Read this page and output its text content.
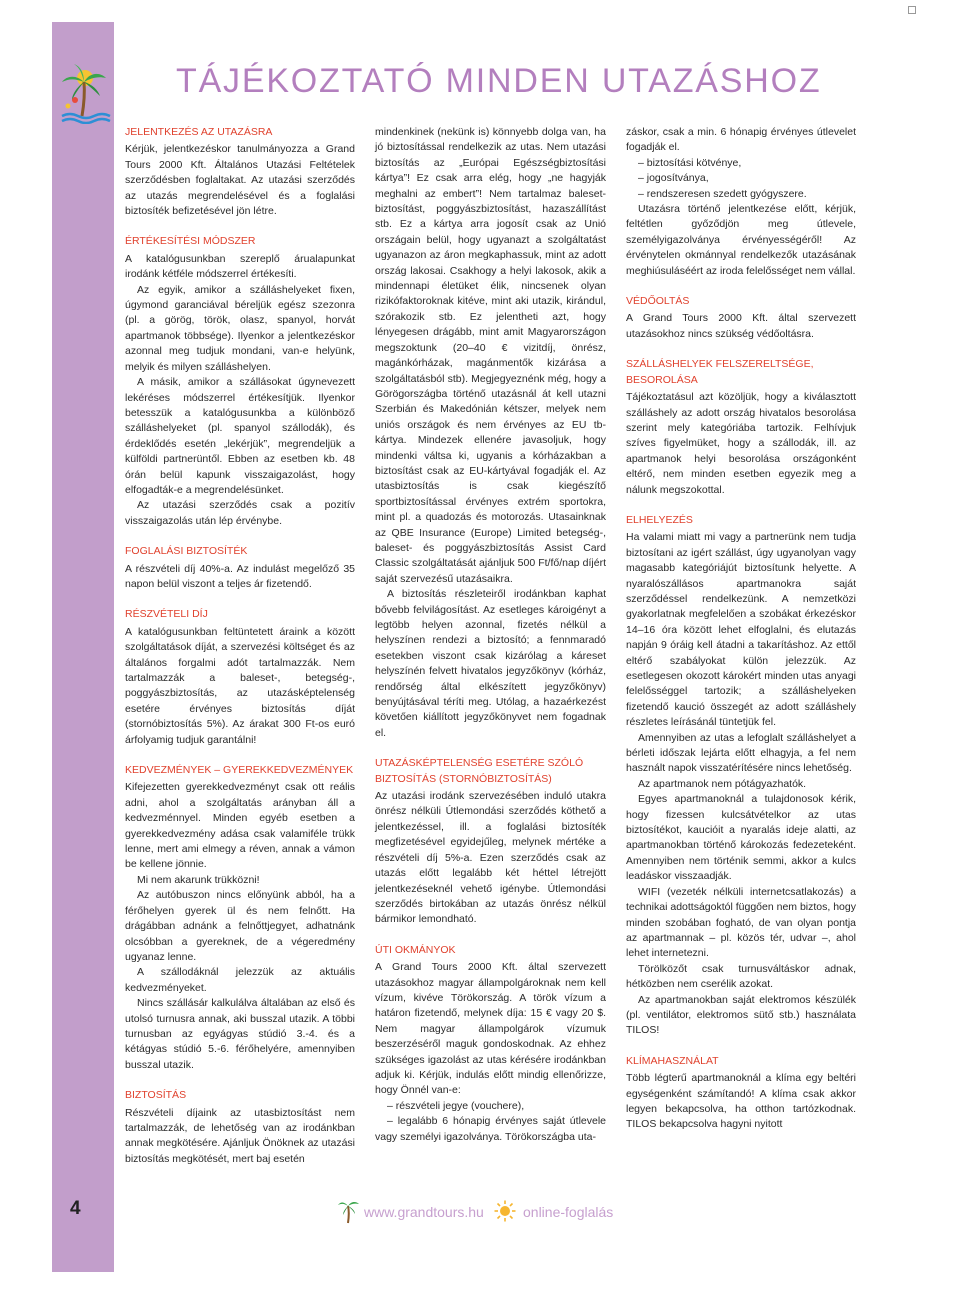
TÁJÉKOZTATÓ MINDEN UTAZÁSHOZ
JELENTKEZÉS AZ UTAZÁSRA

Kérjük, jelentkezéskor tanulmányozza a Grand Tours 2000 Kft. Általános Utazási Feltételek szerződésben foglaltakat. Az utazási szerződés az utazás megrendelésével és a foglalási biztosíték befizetésével jön létre.

ÉRTÉKESÍTÉSI MÓDSZER

A katalógusunkban szereplő árualapunkat irodánk kétféle módszerrel értékesíti.

Az egyik, amikor a szálláshelyeket fixen, úgymond garanciával béreljük egész szezonra (pl. a görög, török, olasz, spanyol, horvát apartmanok többsége). Ilyenkor a jelentkezéskor azonnal meg tudjuk mondani, van-e helyünk, melyik és milyen szálláshelyen.

A másik, amikor a szállásokat úgynevezett lekéréses módszerrel értékesítjük. Ilyenkor betesszük a katalógusunkba a különböző szálláshelyeket (pl. spanyol szállodák), és érdeklődés esetén „lekérjük”, megrendeljük a külföldi partnerüntől. Ebben az esetben kb. 48 órán belül kapunk visszaigazolást, hogy elfogadták-e a megrendelésünket.

Az utazási szerződés csak a pozitív visszaigazolás után lép érvénybe.

FOGLALÁSI BIZTOSÍTÉK

A részvételi díj 40%-a. Az indulást megelőző 35 napon belül viszont a teljes ár fizetendő.

RÉSZVÉTELI DÍJ

A katalógusunkban feltüntetett áraink a között szolgáltatások díját, a szervezési költséget és az általános forgalmi adót tartalmazzák. Nem tartalmazzák a baleset-, betegség-, poggyászbiztosítás, az utazásképtelenség esetére érvényes biztosítás díját (stornóbiztosítás 5%). Az árakat 300 Ft-os euró árfolyamig tudjuk garantálni!

KEDVEZMÉNYEK – GYEREKKEDVEZMÉNYEK

Kifejezetten gyerekkedvezményt csak ott reális adni, ahol a szolgáltatás arányban áll a kedvezménnyel. Minden egyéb esetben a gyerekkedvezmény adása csak valamiféle trükk lenne, mert ami elmegy a réven, annak a vámon be kellene jönnie.

Mi nem akarunk trükközni!

Az autóbuszon nincs előnyünk abból, ha a férőhelyen gyerek ül és nem felnőtt. Ha drágábban adnánk a felnőttjegyet, adhatnánk olcsóbban a gyereknek, de a végeredmény ugyanaz lenne.

A szállodáknál jelezzük az aktuális kedvezményeket.

Nincs szállásár kalkulálva általában az első és utolsó turnusra annak, aki busszal utazik. A többi turnusban az egyágyas stúdió 3.-4. és a kétágyas stúdió 5.-6. férőhelyére, amennyiben busszal utazik.

BIZTOSÍTÁS

Részvételi díjaink az utasbiztosítást nem tartalmazzák, de lehetőség van az irodánkban annak megkötésére. Ajánljuk Önöknek az utazási biztosítás megkötését, mert baj esetén

mindenkinek (nekünk is) könnyebb dolga van, ha jó biztosítással rendelkezik az utas. Nem utazási biztosítás az „Európai Egészségbiztosítási kártya”! Ez csak arra elég, hogy „ne hagyják meghalni az embert”! Nem tartalmaz baleset-biztosítást, poggyászbiztosítást, hazaszállítást stb. Ez a kártya arra jogosít csak az Unió országain belül, hogy ugyanazt a szolgáltatást ugyanazon az áron megkaphassuk, mint az adott ország lakosai. Csakhogy a helyi lakosok, akik a mindennapi életüket élik, nincsenek olyan rizikófaktoroknak kitéve, mint aki utazik, kirándul, szórakozik stb. Ez jelentheti azt, hogy lényegesen drágább, mint amit Magyarországon megszoktunk (20–40 € vizitdíj, önrész, magánkórházak, magánmentők kizárása a szolgáltatásból stb). Megjegyeznénk még, hogy a Görögországba történő utazásnál át kell utazni Szerbián és Makedónián kétszer, melyek nem uniós országok és nem érvényes az EU tb-kártya. Mindezek ellenére javasoljuk, hogy mindenki váltsa ki, ugyanis a kórházakban a biztosítást csak az EU-kártyával fogadják el. Az utasbiztosítás is csak kiegészítő sportbiztosítással érvényes extrém sportokra, mint pl. a quadozás és motorozás. Utasainknak az QBE Insurance (Europe) Limited betegség-, baleset- és poggyászbiztosítás Assist Card Classic szolgáltatását ajánljuk 500 Ft/fő/nap díjért saját szervezésű utazásaikra.

A biztosítás részleteiről irodánkban kaphat bővebb felvilágosítást. Az esetleges károigényt a legtöbb helyen azonnal, fizetés nélkül a helyszínen rendezi a biztosító; a fennmaradó esetekben viszont csak kizárólag a káreset helyszínén felvett hivatalos jegyzőkönyv (kórház, rendőrség által elkészített jegyzőkönyv) benyújtásával téríti meg. Utólag, a hazaérkezést követően kiállított jegyzőkönyvet nem fogadnak el.

UTAZÁSKÉPTELENSÉG ESETÉRE SZÓLÓ BIZTOSÍTÁS (STORNÓBIZTOSÍTÁS)

Az utazási irodánk szervezésében induló utakra önrész nélküli Útlemondási szerződés köthető a jelentkezéssel, ill. a foglalási biztosíték megfizetésével egyidejűleg, melynek mértéke a részvételi díj 5%-a. Ezen szerződés csak az utazás előtt legalább két héttel létrejött jelentkezéseknél vehető igénybe. Útlemondási szerződés birtokában az utazás önrész nélkül bármikor lemondható.

ÚTI OKMÁNYOK

A Grand Tours 2000 Kft. által szervezett utazásokhoz magyar állampolgároknak nem kell vízum, kivéve Törökország. A török vízum a határon fizetendő, melynek díja: 15 € vagy 20 $. Nem magyar állampolgárok vízumuk beszerzéséről maguk gondoskodnak. Az ehhez szükséges igazolást az utas kérésére irodánkban adjuk ki. Kérjük, indulás előtt mindig ellenőrizze, hogy Önnél van-e:

– részvételi jegye (vouchere),

– legalább 6 hónapig érvényes saját útlevele vagy személyi igazolványa. Törökországba uta-

záskor, csak a min. 6 hónapig érvényes útlevelet fogadják el.

– biztosítási kötvénye,

– jogosítványa,

– rendszeresen szedett gyógyszere.

Utazásra történő jelentkezése előtt, kérjük, feltétlen győződjön meg útlevele, személyigazolványa érvényességéről! Az érvénytelen okmánnyal rendelkezők utazásának meghiúsuláséért az iroda felelősséget nem vállal.

VÉDŐOLTÁS

A Grand Tours 2000 Kft. által szervezett utazásokhoz nincs szükség védőoltásra.

SZÁLLÁSHELYEK FELSZERELTSÉGE, BESOROLÁSA

Tájékoztatásul azt közöljük, hogy a kiválasztott szálláshely az adott ország hivatalos besorolása szerint mely kategóriába tartozik. Felhívjuk szíves figyelmüket, hogy a szállodák, ill. az apartmanok helyi besorolása országonként eltérő, nem minden esetben egyezik meg a nálunk megszokottal.

ELHELYEZÉS

Ha valami miatt mi vagy a partnerünk nem tudja biztosítani az igért szállást, úgy ugyanolyan vagy magasabb kategóriájút biztosítunk helyette. A nyaralószállásos apartmanokra saját szerződéssel rendelkezünk. A nemzetközi gyakorlatnak megfelelően a szobákat érkezéskor 14–16 óra között lehet elfoglalni, és elutazás napján 9 óráig kell átadni a takarításhoz. Az ettől eltérő szabályokat külön jelezzük. Az esetlegesen okozott károkért minden utas anyagi felelősséggel tartozik; a szálláshelyeken fizetendő kaució összegét az adott szálláshely részletes leírásánál tüntetjük fel.

Amennyiben az utas a lefoglalt szálláshelyet a bérleti időszak lejárta előtt elhagyja, a fel nem használt napok visszatérítésére nincs lehetőség.

Az apartmanok nem pótágyazhatók.

Egyes apartmanoknál a tulajdonosok kérik, hogy fizessen kulcsátvételkor az utas biztosítékot, kaucióit a nyaralás ideje alatti, az apartmanokban történő károkozás fedezeteként. Amennyiben nem történik semmi, akkor a kulcs leadáskor visszaadják.

WIFI (vezeték nélküli internetcsatlakozás) a technikai adottságoktól függően nem biztos, hogy minden szobában fogható, de van olyan pontja az apartmannak – pl. közös tér, udvar –, ahol lehet internetezni.

Törölközőt csak turnusváltáskor adnak, hétközben nem cserélik azokat.

Az apartmanokban saját elektromos készülék (pl. ventilátor, elektromos sütő stb.) használata TILOS!

KLÍMAHASZNÁLAT

Több légterű apartmanoknál a klíma egy beltéri egységenként számítandó! A klíma csak akkor legyen bekapcsolva, ha otthon tartózkodnak. TILOS bekapcsolva hagyni nyitott

4	www.grandtours.hu	online-foglalás
